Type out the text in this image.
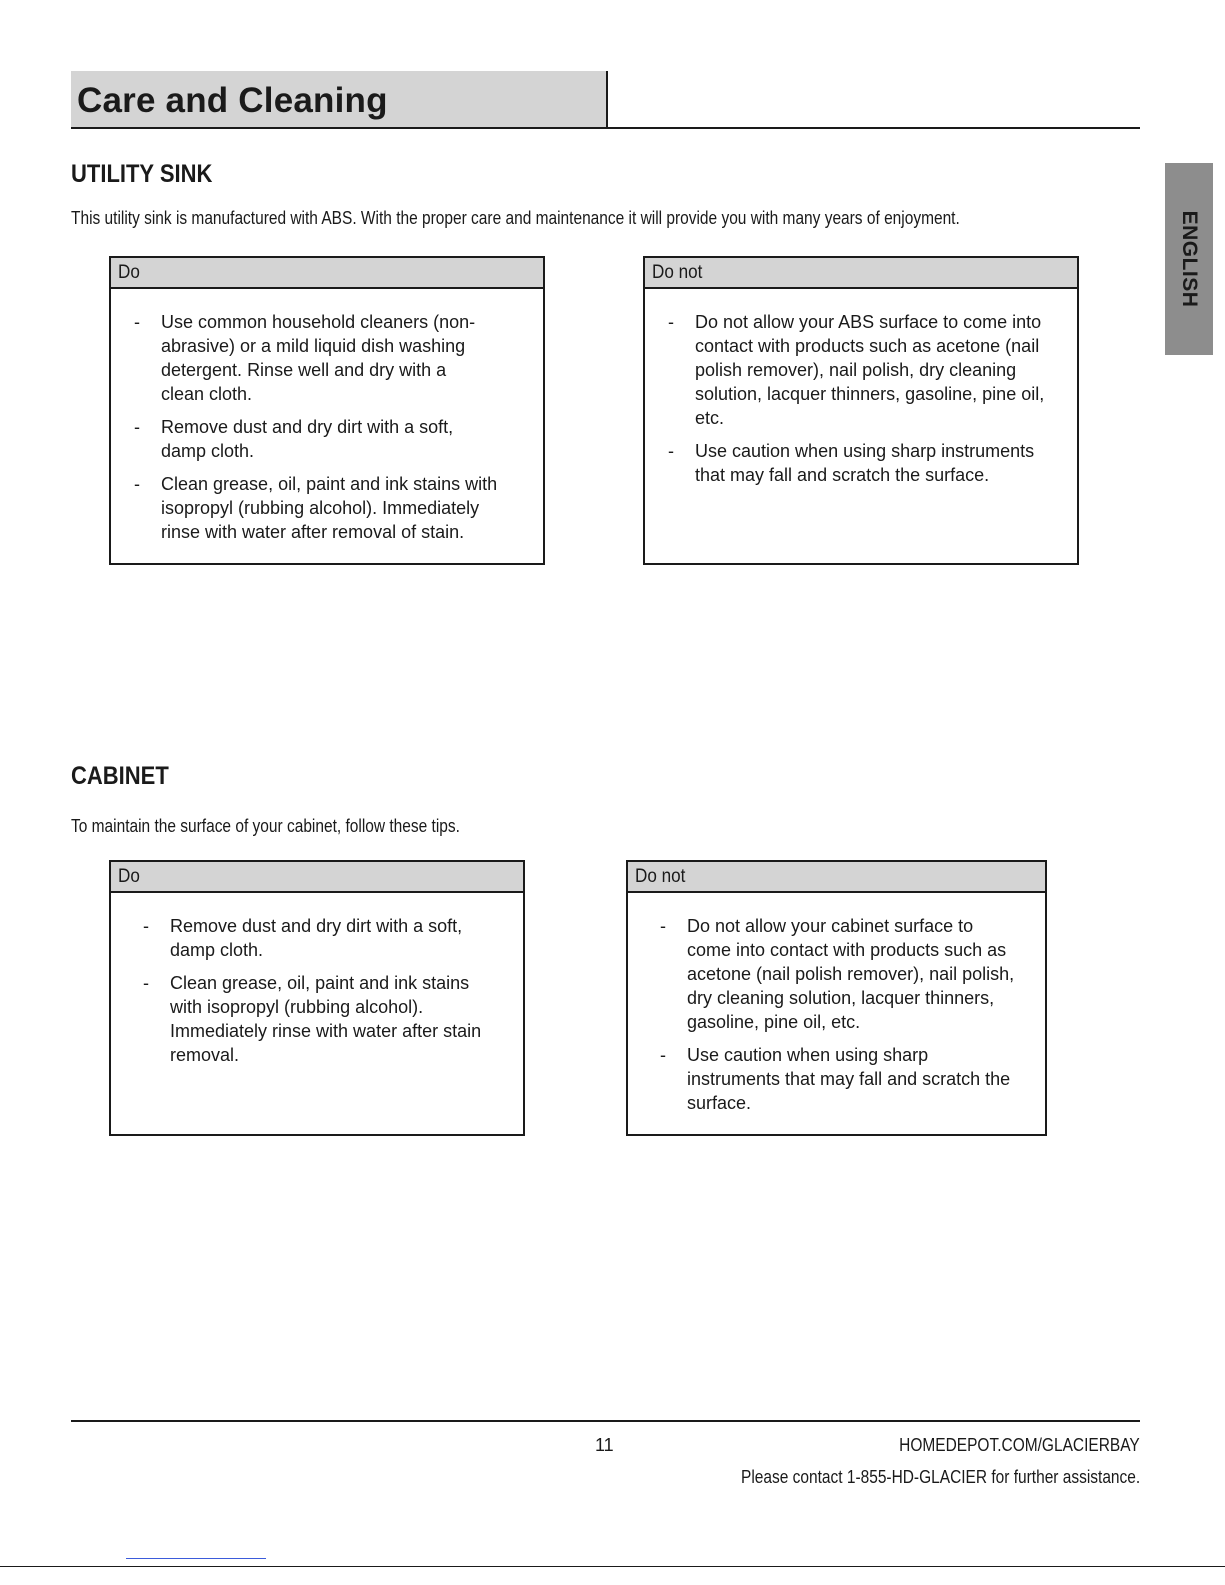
Care and Cleaning
ENGLISH
UTILITY SINK
This utility sink is manufactured with ABS. With the proper care and maintenance it will provide you with many years of enjoyment.
Do
- Use common household cleaners (non-abrasive) or a mild liquid dish washing detergent. Rinse well and dry with a clean cloth.
- Remove dust and dry dirt with a soft, damp cloth.
- Clean grease, oil, paint and ink stains with isopropyl (rubbing alcohol). Immediately rinse with water after removal of stain.
Do not
- Do not allow your ABS surface to come into contact with products such as acetone (nail polish remover), nail polish, dry cleaning solution, lacquer thinners, gasoline, pine oil, etc.
- Use caution when using sharp instruments that may fall and scratch the surface.
CABINET
To maintain the surface of your cabinet, follow these tips.
Do
- Remove dust and dry dirt with a soft, damp cloth.
- Clean grease, oil, paint and ink stains with isopropyl (rubbing alcohol). Immediately rinse with water after stain removal.
Do not
- Do not allow your cabinet surface to come into contact with products such as acetone (nail polish remover), nail polish, dry cleaning solution, lacquer thinners, gasoline, pine oil, etc.
- Use caution when using sharp instruments that may fall and scratch the surface.
11	HOMEDEPOT.COM/GLACIERBAY
Please contact 1-855-HD-GLACIER for further assistance.
